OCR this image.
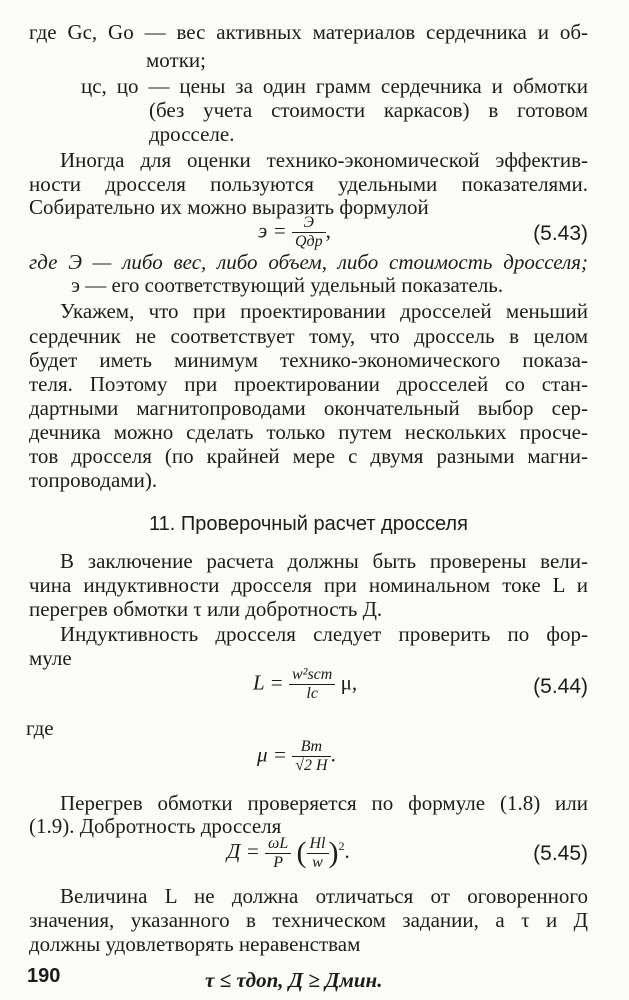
где Gс, Gо — вес активных материалов сердечника и об-
мотки;
цс, цо — цены за один грамм сердечника и обмотки
(без учета стоимости каркасов) в готовом
дросселе.
Иногда для оценки технико-экономической эффектив-
ности дросселя пользуются удельными показателями.
Собирательно их можно выразить формулой
$э = \frac{Э}{\text{Qдр}}$ ,	(5.43)
где Э — либо вес, либо объем, либо стоимость дросселя;
э — его соответствующий удельный показатель.
Укажем, что при проектировании дросселей меньший
сердечник не соответствует тому, что дроссель в целом
будет иметь минимум технико-экономического показа-
теля. Поэтому при проектировании дросселей со стан-
дартными магнитопроводами окончательный выбор сер-
дечника можно сделать только путем нескольких просче-
тов дросселя (по крайней мере с двумя разными магни-
топроводами).
11. Проверочный расчет дросселя
В заключение расчета должны быть проверены вели-
чина индуктивности дросселя при номинальном токе L и
перегрев обмотки τ или добротность Д.
Индуктивность дросселя следует проверить по фор-
муле
$L = \frac{\text{w²sст}}{lс} \mu$,	(5.44)
где
$\mu = \frac{Bm}{√2 H}$ .
Перегрев обмотки проверяется по формуле (1.8) или
(1.9). Добротность дросселя
$Д = \frac{\omega L}{P}$ ( $\frac{Hl}{w} )^2$.	(5.45)
Величина L не должна отличаться от оговоренного
значения, указанного в техническом задании, а τ и Д
должны удовлетворять неравенствам
τ ≤ τдоп, Д ≥ Дмин.
190
